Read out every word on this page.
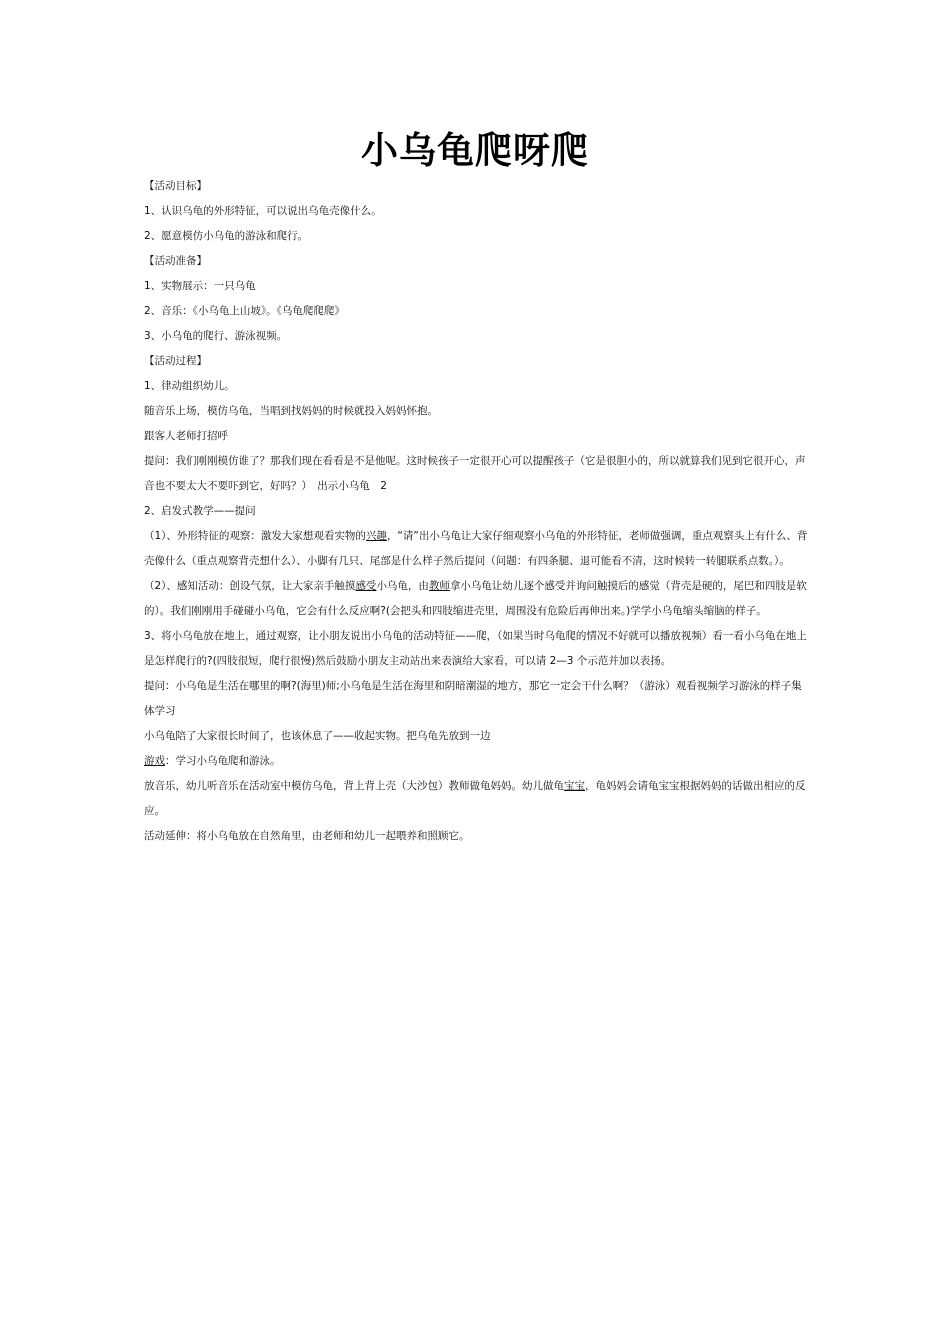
小乌龟爬呀爬

【活动目标】

1、认识乌龟的外形特征，可以说出乌龟壳像什么。

2、愿意模仿小乌龟的游泳和爬行。

【活动准备】

1、实物展示：一只乌龟

2、音乐：《小乌龟上山坡》。《乌龟爬爬爬》

3、小乌龟的爬行、游泳视频。

【活动过程】

1、律动组织幼儿。

随音乐上场，模仿乌龟，当唱到找妈妈的时候就投入妈妈怀抱。

跟客人老师打招呼

提问：我们刚刚模仿谁了？那我们现在看看是不是他呢。这时候孩子一定很开心可以提醒孩子（它是很胆小的，所以就算我们见到它很开心，声音也不要太大不要吓到它，好吗？）　出示小乌龟　2

2、启发式教学——提问

（1）、外形特征的观察：激发大家想观看实物的兴趣，“请”出小乌龟让大家仔细观察小乌龟的外形特征，老师做强调，重点观察头上有什么、背壳像什么（重点观察背壳想什么）、小脚有几只、尾部是什么样子然后提问（问题：有四条腿、退可能看不清，这时候转一转腿联系点数。）。

（2）、感知活动：创设气氛，让大家亲手触摸感受小乌龟，由教师拿小乌龟让幼儿逐个感受并询问触摸后的感觉（背壳是硬的，尾巴和四肢是软的）。我们刚刚用手碰碰小乌龟，它会有什么反应啊?(会把头和四肢缩进壳里，周围没有危险后再伸出来。)学学小乌龟缩头缩脑的样子。

3、将小乌龟放在地上，通过观察，让小朋友说出小乌龟的活动特征——爬，（如果当时乌龟爬的情况不好就可以播放视频）看一看小乌龟在地上是怎样爬行的?(四肢很短，爬行很慢)然后鼓励小朋友主动站出来表演给大家看，可以请 2—3 个示范并加以表扬。

提问：小乌龟是生活在哪里的啊?(海里)师;小乌龟是生活在海里和阴暗潮湿的地方，那它一定会干什么啊？（游泳）观看视频学习游泳的样子集体学习

小乌龟陪了大家很长时间了，也该休息了——收起实物。把乌龟先放到一边

游戏：学习小乌龟爬和游泳。

放音乐，幼儿听音乐在活动室中模仿乌龟，背上背上壳（大沙包）教师做龟妈妈。幼儿做龟宝宝，龟妈妈会请龟宝宝根据妈妈的话做出相应的反应。

活动延伸：将小乌龟放在自然角里，由老师和幼儿一起喂养和照顾它。
